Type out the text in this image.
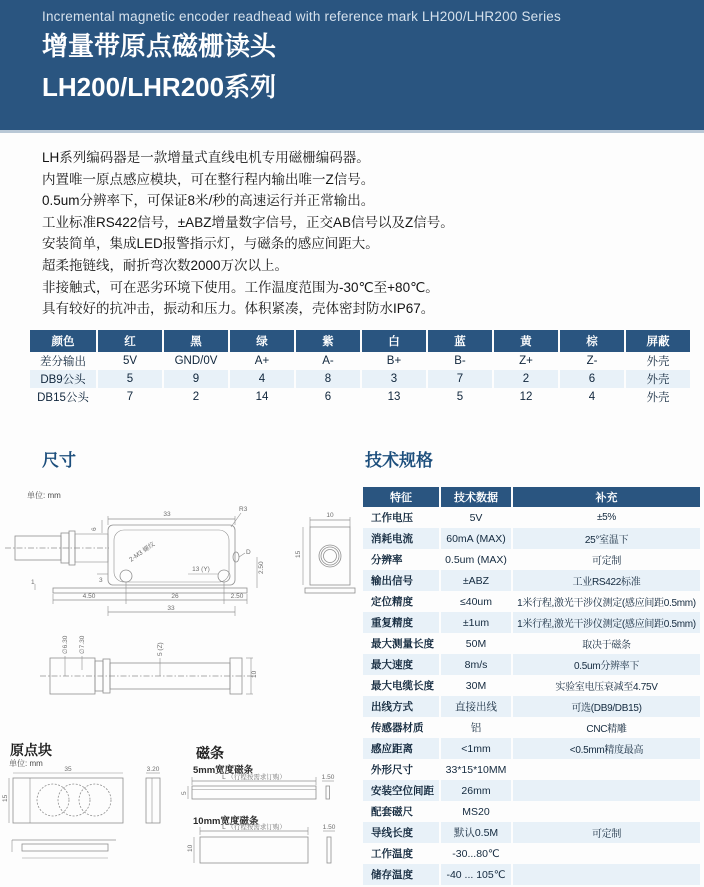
Incremental magnetic encoder readhead with reference mark LH200/LHR200 Series
增量带原点磁栅读头
LH200/LHR200系列
LH系列编码器是一款增量式直线电机专用磁栅编码器。
内置唯一原点感应模块，可在整行程内输出唯一Z信号。
0.5um分辨率下，可保证8米/秒的高速运行并正常输出。
工业标准RS422信号，±ABZ增量数字信号，正交AB信号以及Z信号。
安装简单，集成LED报警指示灯，与磁条的感应间距大。
超柔拖链线，耐折弯次数2000万次以上。
非接触式，可在恶劣环境下使用。工作温度范围为-30℃至+80℃。
具有较好的抗冲击，振动和压力。体积紧凑，壳体密封防水IP67。
颜色	红	黑	绿	紫	白	蓝	黄	棕	屏蔽
差分输出	5V	GND/0V	A+	A-	B+	B-	Z+	Z-	外壳
DB9公头	5	9	4	8	3	7	2	6	外壳
DB15公头	7	2	14	6	13	5	12	4	外壳
尺寸	技术规格
单位: mm
33
R3
D
6
3
13 (Y)	2.50
1
2-M3 螺纹
4.50	26	2.50
33
10
15
∅6.30 ∅7.30	5 (Z)
10
特征	技术数据	补充
工作电压	5V	±5%
消耗电流	60mA (MAX)	25°室温下
分辨率	0.5um (MAX)	可定制
输出信号	±ABZ	工业RS422标准
定位精度	≤40um	1米行程,激光干涉仪测定(感应间距0.5mm)
重复精度	±1um	1米行程,激光干涉仪测定(感应间距0.5mm)
最大测量长度	50M	取决于磁条
最大速度	8m/s	0.5um分辨率下
最大电缆长度	30M	实验室电压衰减至4.75V
出线方式	直接出线	可选(DB9/DB15)
传感器材质	铝	CNC精雕
感应距离	<1mm	<0.5mm精度最高
外形尺寸	33*15*10MM	
安装空位间距	26mm	
配套磁尺	MS20	
导线长度	默认0.5M	可定制
工作温度	-30...80℃	
储存温度	-40 ... 105℃	
原点块
单位: mm
35
15
3.20
磁条
5mm宽度磁条
L （行程按需求订购）
5
1.50
10mm宽度磁条
L （行程按需求订购）
10
1.50
